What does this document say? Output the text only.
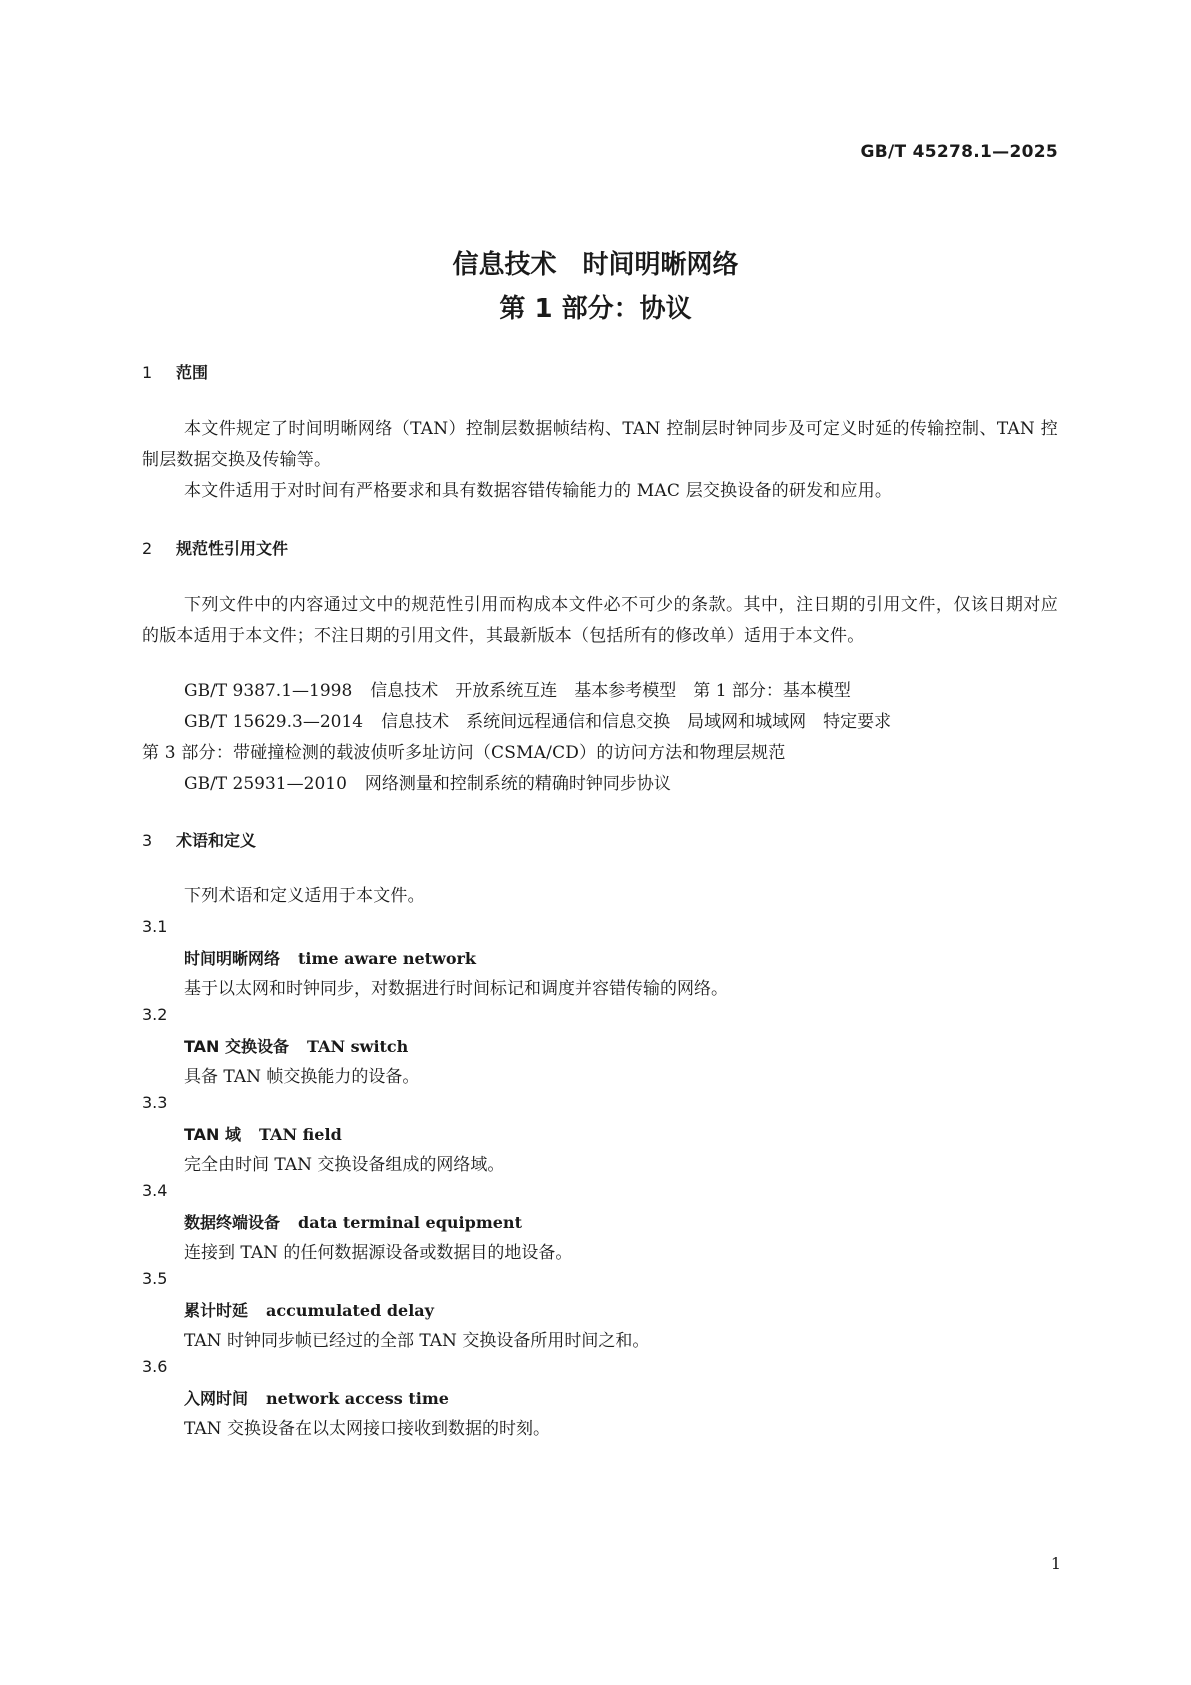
GB/T 45278.1—2025
信息技术　时间明晰网络
第 1 部分：协议
1 范围
本文件规定了时间明晰网络（TAN）控制层数据帧结构、TAN 控制层时钟同步及可定义时延的传输控制、TAN 控制层数据交换及传输等。
本文件适用于对时间有严格要求和具有数据容错传输能力的 MAC 层交换设备的研发和应用。
2 规范性引用文件
下列文件中的内容通过文中的规范性引用而构成本文件必不可少的条款。其中，注日期的引用文件，仅该日期对应的版本适用于本文件；不注日期的引用文件，其最新版本（包括所有的修改单）适用于本文件。
GB/T 9387.1—1998 信息技术　开放系统互连　基本参考模型　第 1 部分：基本模型
GB/T 15629.3—2014 信息技术　系统间远程通信和信息交换　局域网和城域网　特定要求
第 3 部分：带碰撞检测的载波侦听多址访问（CSMA/CD）的访问方法和物理层规范
GB/T 25931—2010 网络测量和控制系统的精确时钟同步协议
3 术语和定义
下列术语和定义适用于本文件。
3.1
时间明晰网络 time aware network
基于以太网和时钟同步，对数据进行时间标记和调度并容错传输的网络。
3.2
TAN 交换设备 TAN switch
具备 TAN 帧交换能力的设备。
3.3
TAN 域 TAN field
完全由时间 TAN 交换设备组成的网络域。
3.4
数据终端设备 data terminal equipment
连接到 TAN 的任何数据源设备或数据目的地设备。
3.5
累计时延 accumulated delay
TAN 时钟同步帧已经过的全部 TAN 交换设备所用时间之和。
3.6
入网时间 network access time
TAN 交换设备在以太网接口接收到数据的时刻。
1
